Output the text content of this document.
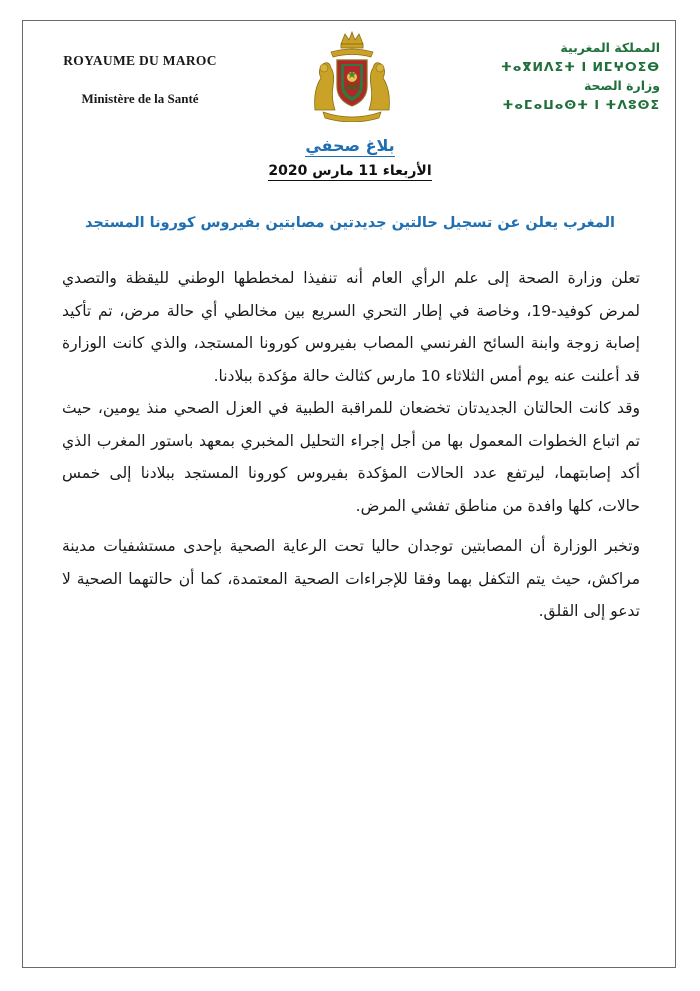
ROYAUME DU MAROC
Ministère de la Santé
المملكة المغربية
ⵜⴰⴳⵍⴷⵉⵜ ⵏ ⵍⵎⵖⵔⵉⴱ
وزارة الصحة
ⵜⴰⵎⴰⵡⴰⵙⵜ ⵏ ⵜⴷⵓⵙⵉ
بلاغ صحفي
الأربعاء 11 مارس 2020
المغرب يعلن عن تسجيل حالتين جديدتين مصابتين بفيروس كورونا المستجد

تعلن وزارة الصحة إلى علم الرأي العام أنه تنفيذا لمخططها الوطني لليقظة والتصدي لمرض كوفيد-19، وخاصة في إطار التحري السريع بين مخالطي أي حالة مرض، تم تأكيد إصابة زوجة وابنة السائح الفرنسي المصاب بفيروس كورونا المستجد، والذي كانت الوزارة قد أعلنت عنه يوم أمس الثلاثاء 10 مارس كثالث حالة مؤكدة ببلادنا.

وقد كانت الحالتان الجديدتان تخضعان للمراقبة الطبية في العزل الصحي منذ يومين، حيث تم اتباع الخطوات المعمول بها من أجل إجراء التحليل المخبري بمعهد باستور المغرب الذي أكد إصابتهما، ليرتفع عدد الحالات المؤكدة بفيروس كورونا المستجد ببلادنا إلى خمس حالات، كلها وافدة من مناطق تفشي المرض.

وتخبر الوزارة أن المصابتين توجدان حاليا تحت الرعاية الصحية بإحدى مستشفيات مدينة مراكش، حيث يتم التكفل بهما وفقا للإجراءات الصحية المعتمدة، كما أن حالتهما الصحية لا تدعو إلى القلق.
